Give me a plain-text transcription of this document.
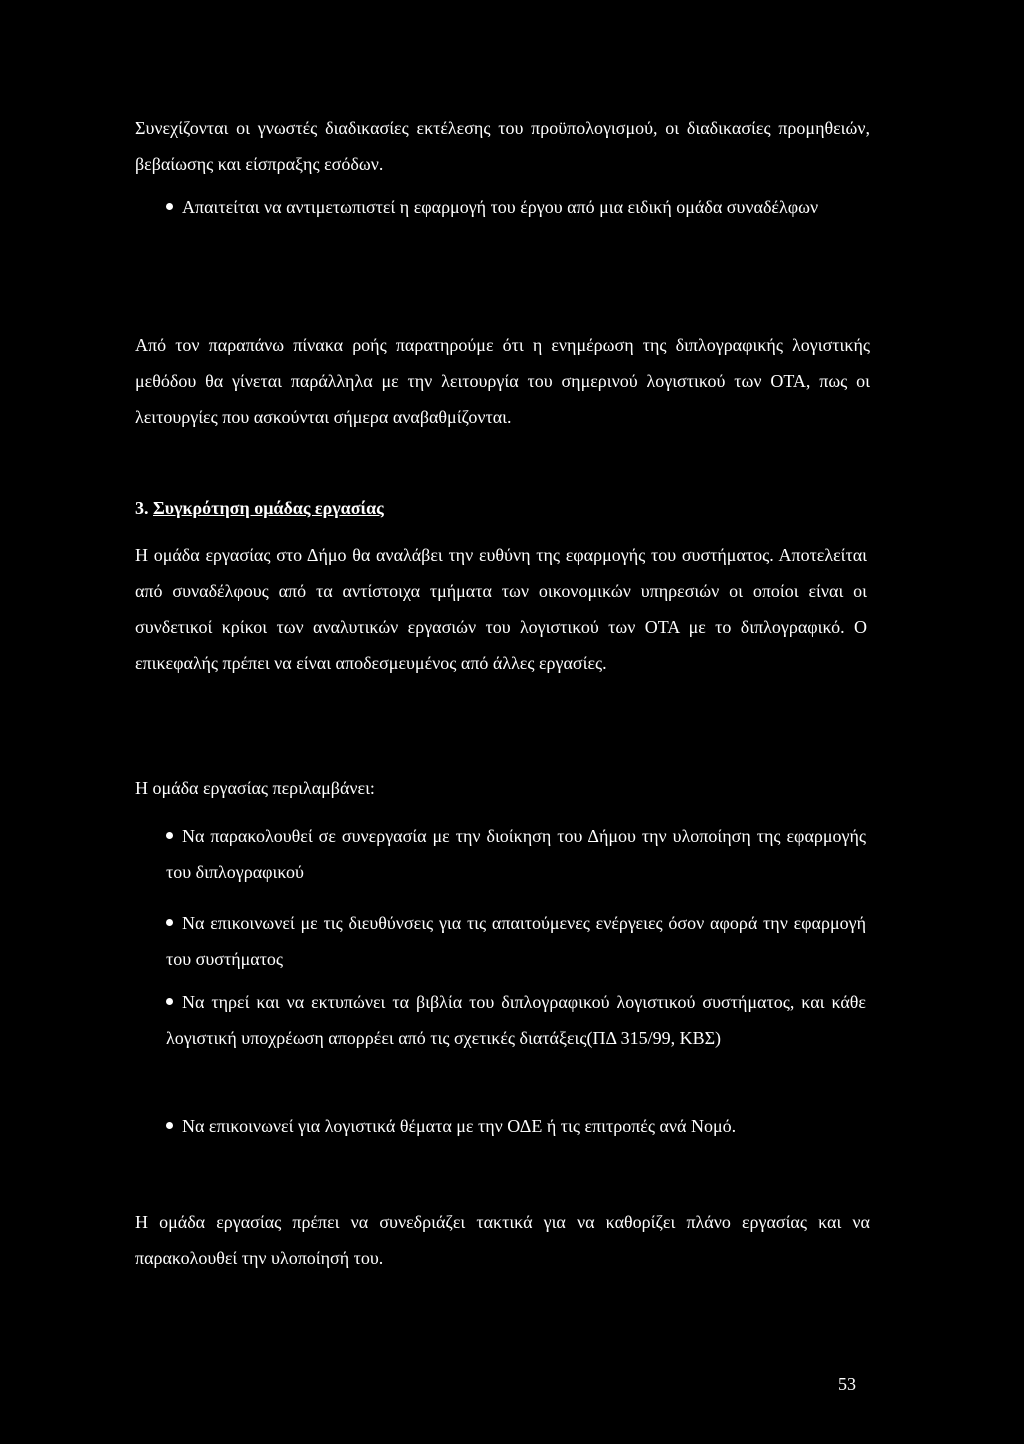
Συνεχίζονται οι γνωστές διαδικασίες εκτέλεσης του προϋπολογισμού, οι διαδικασίες προμηθειών, βεβαίωσης και είσπραξης εσόδων.

Απαιτείται να αντιμετωπιστεί η εφαρμογή του έργου από μια ειδική ομάδα συναδέλφων

Από τον παραπάνω πίνακα ροής παρατηρούμε ότι η ενημέρωση της διπλογραφικής λογιστικής μεθόδου θα γίνεται παράλληλα με την λειτουργία του σημερινού λογιστικού των ΟΤΑ, πως οι λειτουργίες που ασκούνται σήμερα αναβαθμίζονται.

3. Συγκρότηση ομάδας εργασίας

Η ομάδα εργασίας στο Δήμο θα αναλάβει την ευθύνη της εφαρμογής του συστήματος. Αποτελείται από συναδέλφους από τα αντίστοιχα τμήματα των οικονομικών υπηρεσιών οι οποίοι είναι οι συνδετικοί κρίκοι των αναλυτικών εργασιών του λογιστικού των ΟΤΑ με το διπλογραφικό. Ο επικεφαλής πρέπει να είναι αποδεσμευμένος από άλλες εργασίες.

Η ομάδα εργασίας περιλαμβάνει:

Να παρακολουθεί σε συνεργασία με την διοίκηση του Δήμου την υλοποίηση της εφαρμογής του διπλογραφικού
Να επικοινωνεί με τις διευθύνσεις για τις απαιτούμενες ενέργειες όσον αφορά την εφαρμογή του συστήματος
Να τηρεί και να εκτυπώνει τα βιβλία του διπλογραφικού λογιστικού συστήματος, και κάθε λογιστική υποχρέωση απορρέει από τις σχετικές διατάξεις(ΠΔ 315/99, ΚΒΣ)
Να επικοινωνεί για λογιστικά θέματα με την ΟΔΕ ή τις επιτροπές ανά Νομό.

Η ομάδα εργασίας πρέπει να συνεδριάζει τακτικά για να καθορίζει πλάνο εργασίας και να παρακολουθεί την υλοποίησή του.

53
